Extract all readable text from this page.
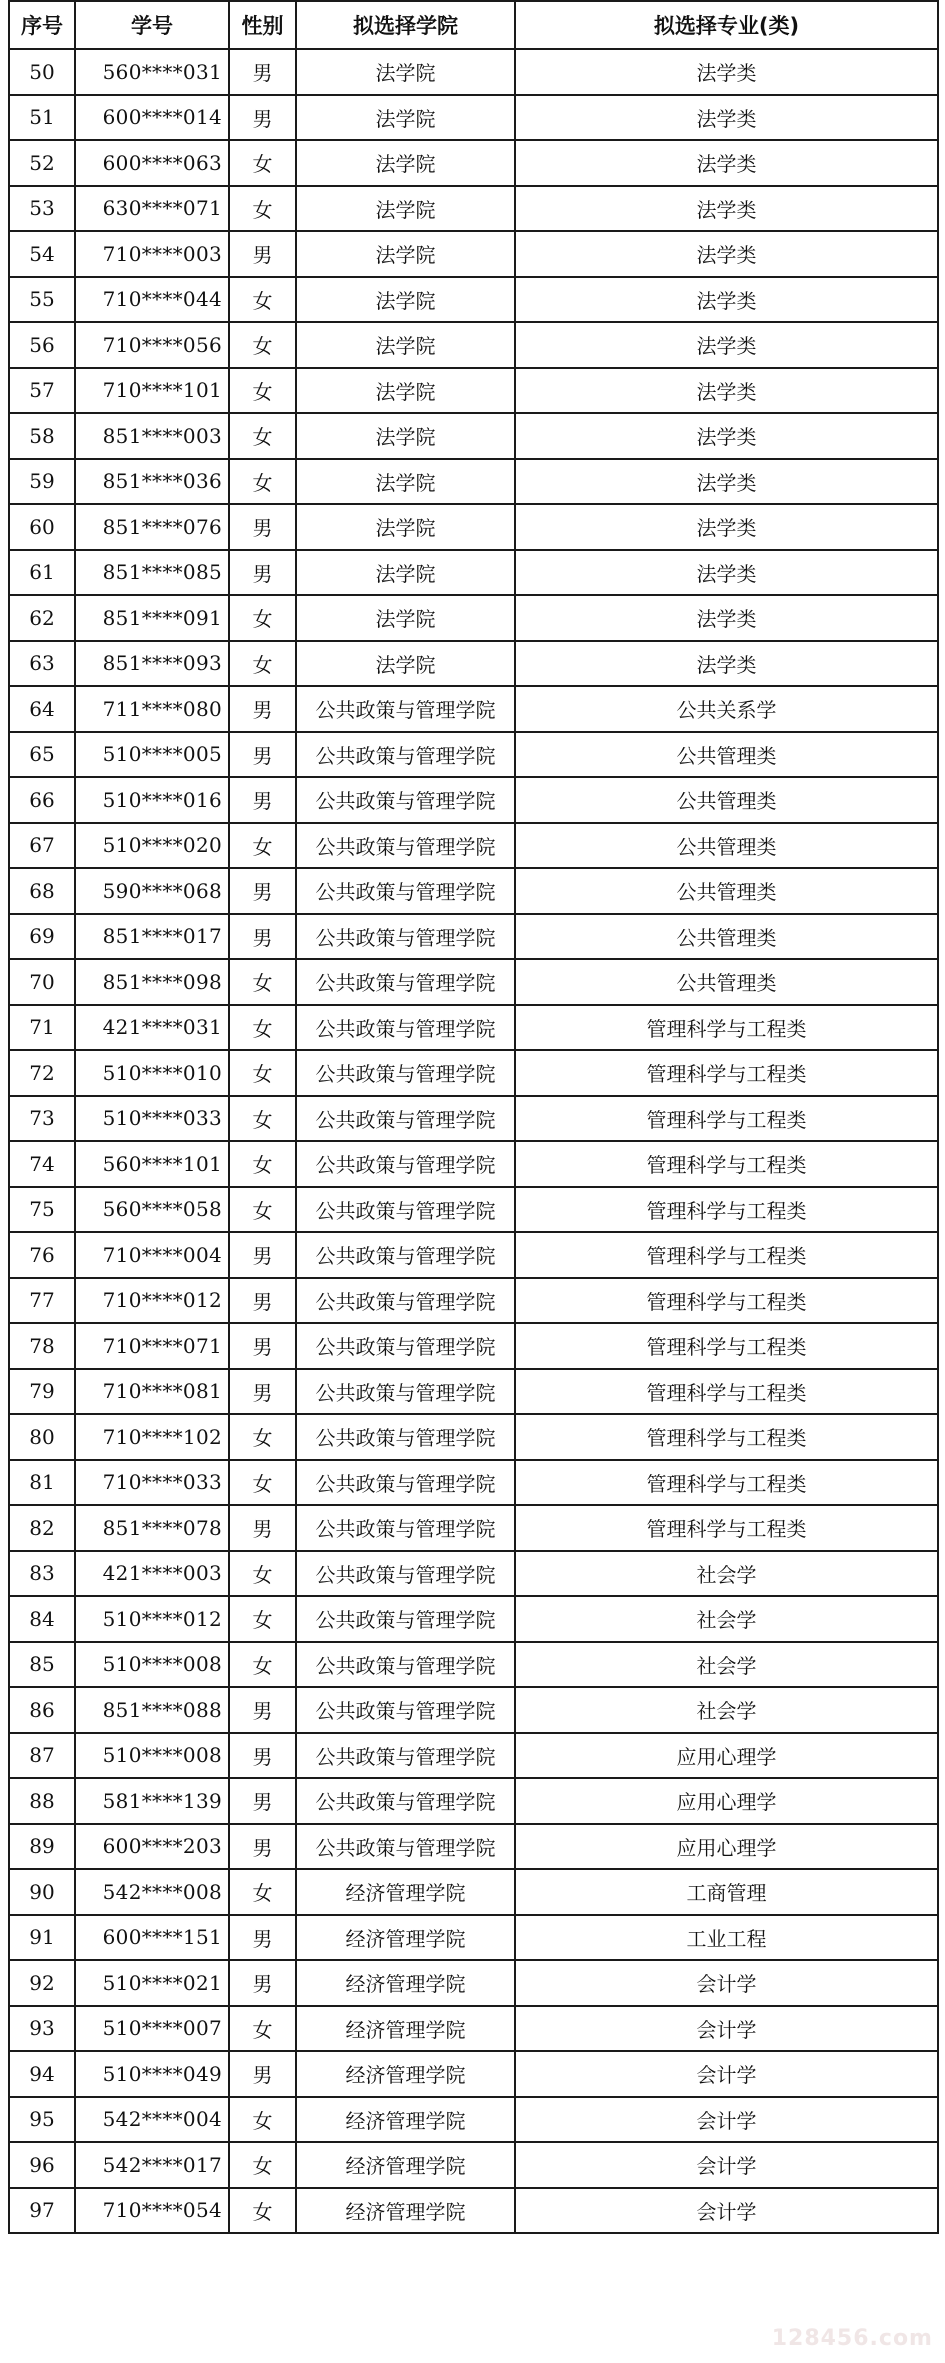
序号	学号	性别	拟选择学院	拟选择专业(类)
50	560****031	男	法学院	法学类
51	600****014	男	法学院	法学类
52	600****063	女	法学院	法学类
53	630****071	女	法学院	法学类
54	710****003	男	法学院	法学类
55	710****044	女	法学院	法学类
56	710****056	女	法学院	法学类
57	710****101	女	法学院	法学类
58	851****003	女	法学院	法学类
59	851****036	女	法学院	法学类
60	851****076	男	法学院	法学类
61	851****085	男	法学院	法学类
62	851****091	女	法学院	法学类
63	851****093	女	法学院	法学类
64	711****080	男	公共政策与管理学院	公共关系学
65	510****005	男	公共政策与管理学院	公共管理类
66	510****016	男	公共政策与管理学院	公共管理类
67	510****020	女	公共政策与管理学院	公共管理类
68	590****068	男	公共政策与管理学院	公共管理类
69	851****017	男	公共政策与管理学院	公共管理类
70	851****098	女	公共政策与管理学院	公共管理类
71	421****031	女	公共政策与管理学院	管理科学与工程类
72	510****010	女	公共政策与管理学院	管理科学与工程类
73	510****033	女	公共政策与管理学院	管理科学与工程类
74	560****101	女	公共政策与管理学院	管理科学与工程类
75	560****058	女	公共政策与管理学院	管理科学与工程类
76	710****004	男	公共政策与管理学院	管理科学与工程类
77	710****012	男	公共政策与管理学院	管理科学与工程类
78	710****071	男	公共政策与管理学院	管理科学与工程类
79	710****081	男	公共政策与管理学院	管理科学与工程类
80	710****102	女	公共政策与管理学院	管理科学与工程类
81	710****033	女	公共政策与管理学院	管理科学与工程类
82	851****078	男	公共政策与管理学院	管理科学与工程类
83	421****003	女	公共政策与管理学院	社会学
84	510****012	女	公共政策与管理学院	社会学
85	510****008	女	公共政策与管理学院	社会学
86	851****088	男	公共政策与管理学院	社会学
87	510****008	男	公共政策与管理学院	应用心理学
88	581****139	男	公共政策与管理学院	应用心理学
89	600****203	男	公共政策与管理学院	应用心理学
90	542****008	女	经济管理学院	工商管理
91	600****151	男	经济管理学院	工业工程
92	510****021	男	经济管理学院	会计学
93	510****007	女	经济管理学院	会计学
94	510****049	男	经济管理学院	会计学
95	542****004	女	经济管理学院	会计学
96	542****017	女	经济管理学院	会计学
97	710****054	女	经济管理学院	会计学
128456.com
